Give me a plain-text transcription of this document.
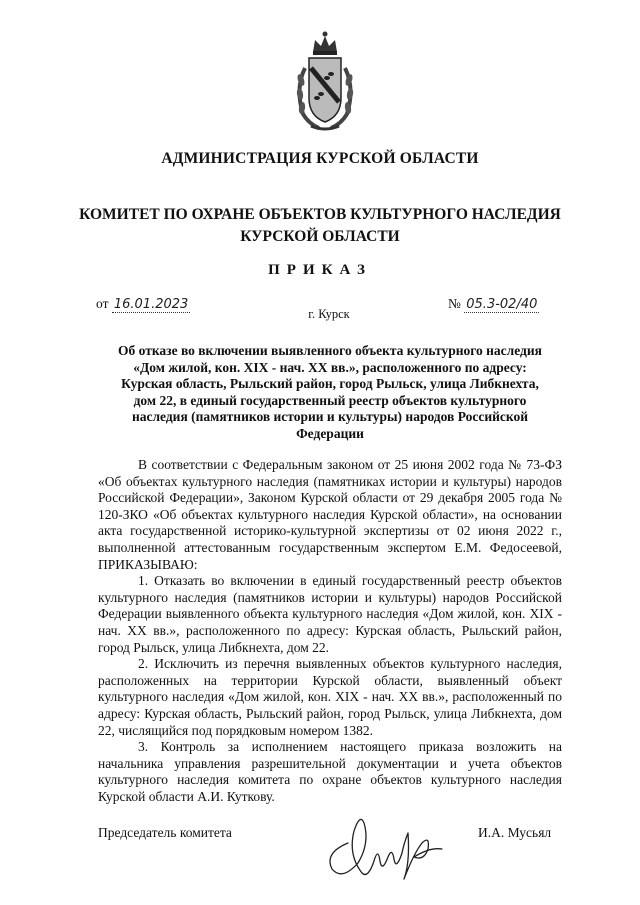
АДМИНИСТРАЦИЯ КУРСКОЙ ОБЛАСТИ
КОМИТЕТ ПО ОХРАНЕ ОБЪЕКТОВ КУЛЬТУРНОГО НАСЛЕДИЯ
КУРСКОЙ ОБЛАСТИ
ПРИКАЗ
от 16.01.2023	№ 05.3-02/40
г. Курск
Об отказе во включении выявленного объекта культурного наследия «Дом жилой, кон. XIX - нач. XX вв.», расположенного по адресу: Курская область, Рыльский район, город Рыльск, улица Либкнехта, дом 22, в единый государственный реестр объектов культурного наследия (памятников истории и культуры) народов Российской Федерации

В соответствии с Федеральным законом от 25 июня 2002 года № 73-ФЗ «Об объектах культурного наследия (памятниках истории и культуры) народов Российской Федерации», Законом Курской области от 29 декабря 2005 года № 120-ЗКО «Об объектах культурного наследия Курской области», на основании акта государственной историко-культурной экспертизы от 02 июня 2022 г., выполненной аттестованным государственным экспертом Е.М. Федосеевой, ПРИКАЗЫВАЮ:

1. Отказать во включении в единый государственный реестр объектов культурного наследия (памятников истории и культуры) народов Российской Федерации выявленного объекта культурного наследия «Дом жилой, кон. XIX - нач. XX вв.», расположенного по адресу: Курская область, Рыльский район, город Рыльск, улица Либкнехта, дом 22.

2. Исключить из перечня выявленных объектов культурного наследия, расположенных на территории Курской области, выявленный объект культурного наследия «Дом жилой, кон. XIX - нач. XX вв.», расположенный по адресу: Курская область, Рыльский район, город Рыльск, улица Либкнехта, дом 22, числящийся под порядковым номером 1382.

3. Контроль за исполнением настоящего приказа возложить на начальника управления разрешительной документации и учета объектов культурного наследия комитета по охране объектов культурного наследия Курской области А.И. Куткову.

Председатель комитета	И.А. Мусьял
